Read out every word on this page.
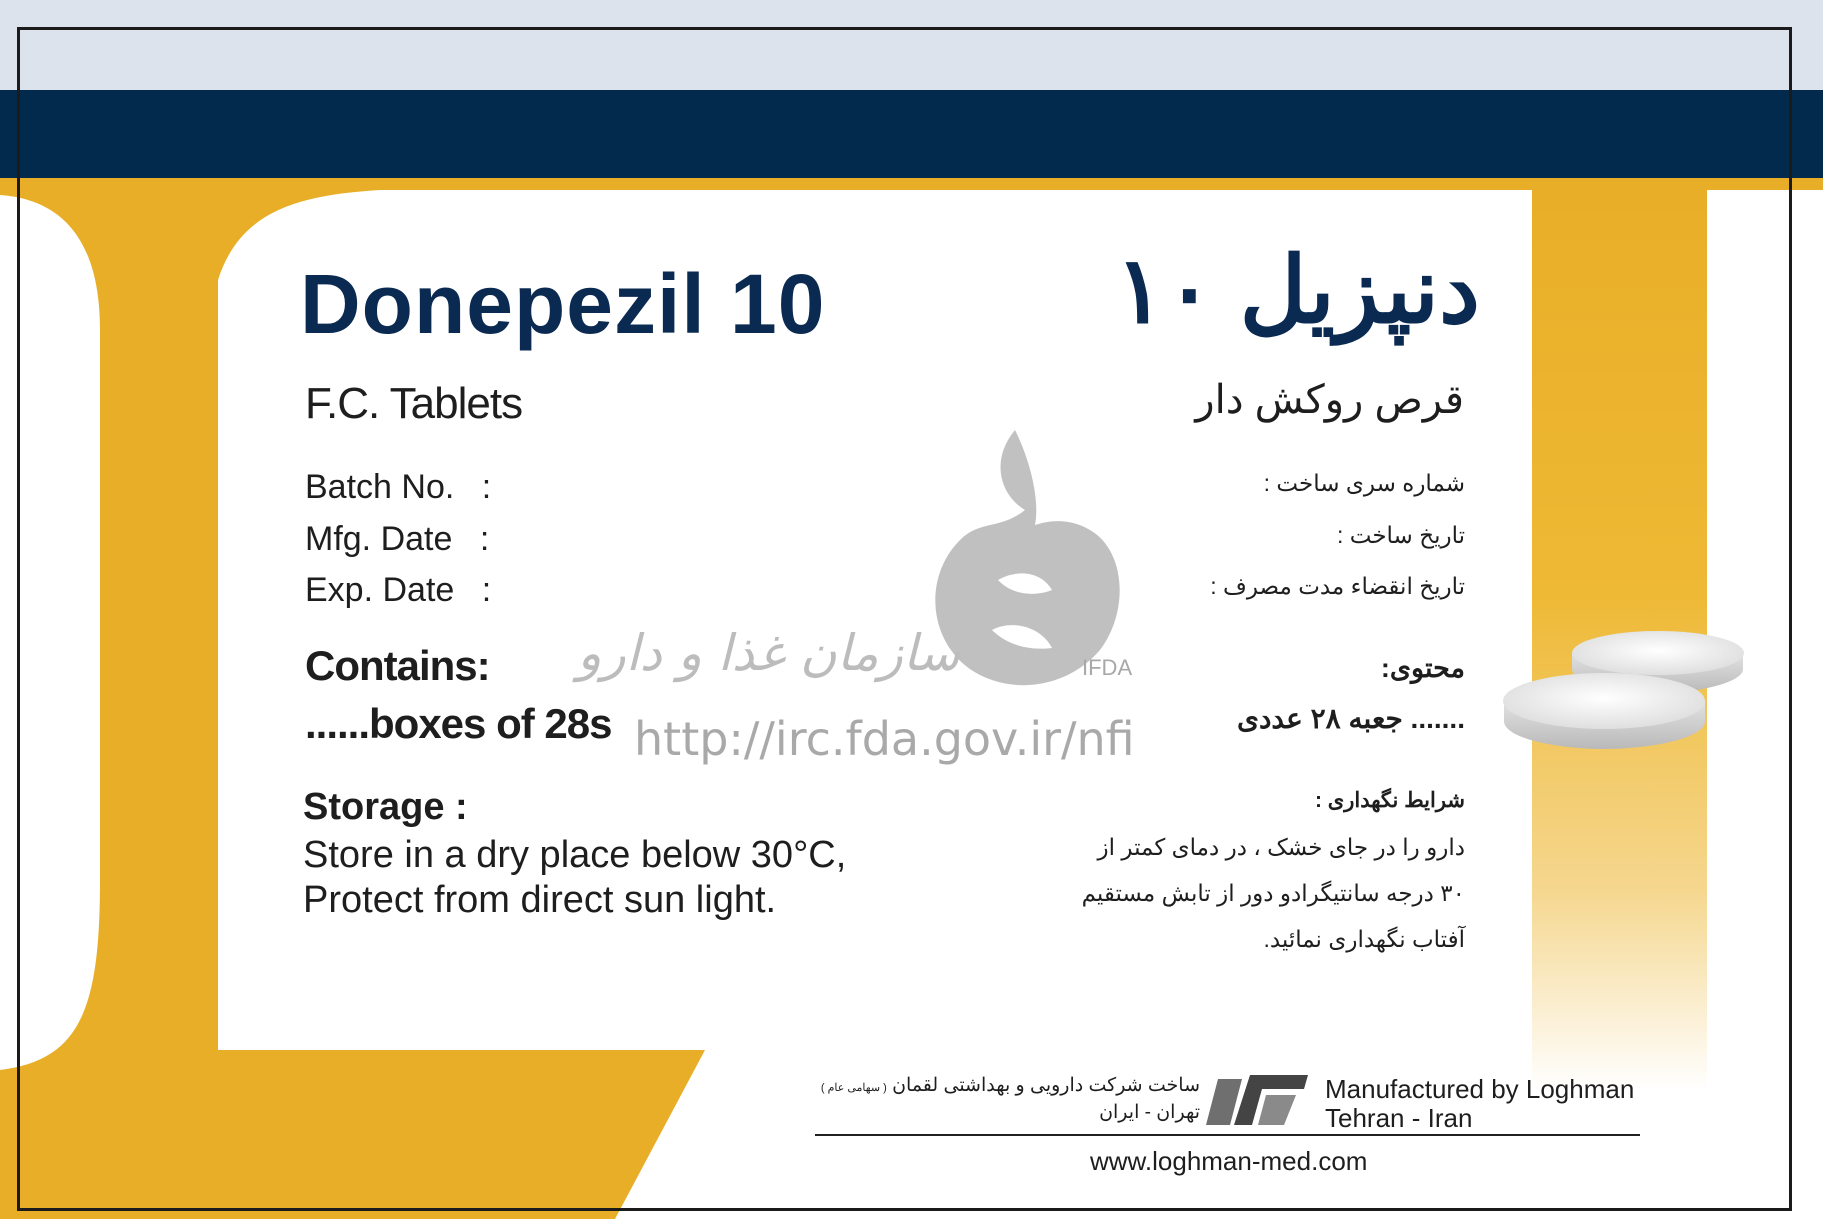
IFDA
سازمان غذا و دارو
http://irc.fda.gov.ir/nfi
Donepezil 10	دنپزیل ۱۰
F.C. Tablets	قرص روکش دار
Batch No. :
Mfg. Date :
Exp. Date :
شماره سری ساخت :
تاریخ ساخت :
تاریخ انقضاء مدت مصرف :
Contains:
......boxes of 28s
محتوی:
....... جعبه ۲۸ عددی
Storage :
Store in a dry place below 30°C,
Protect from direct sun light.
شرایط نگهداری :
دارو را در جای خشک ، در دمای کمتر از
۳۰ درجه سانتیگرادو دور از تابش مستقیم
آفتاب نگهداری نمائید.
Manufactured by Loghman
Tehran - Iran
ساخت شرکت دارویی و بهداشتی لقمان ( سهامی عام )
تهران - ایران
www.loghman-med.com
